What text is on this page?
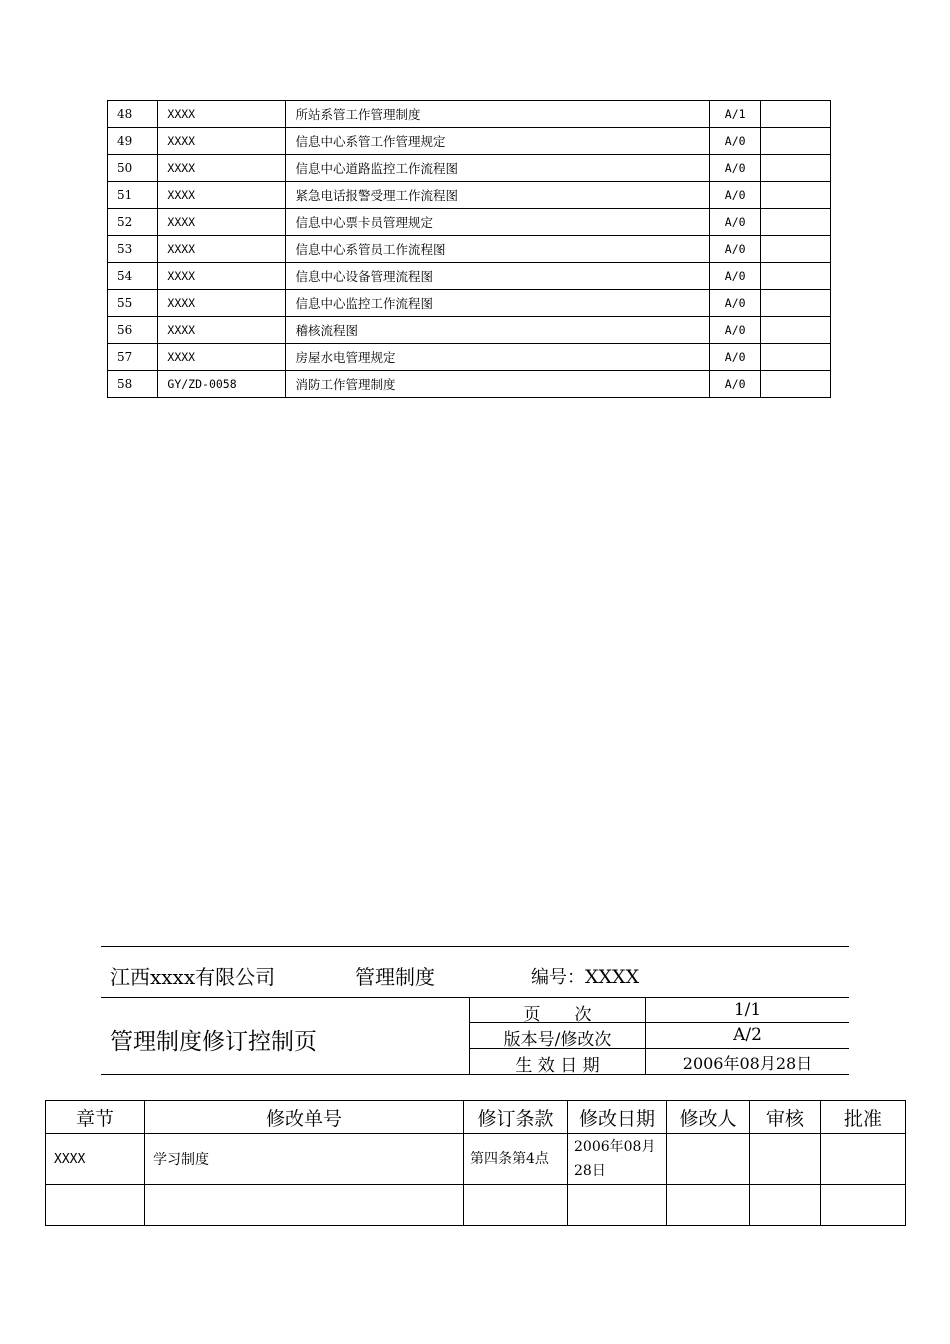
48	XXXX	所站系管工作管理制度	A/1	
49	XXXX	信息中心系管工作管理规定	A/0	
50	XXXX	信息中心道路监控工作流程图	A/0	
51	XXXX	紧急电话报警受理工作流程图	A/0	
52	XXXX	信息中心票卡员管理规定	A/0	
53	XXXX	信息中心系管员工作流程图	A/0	
54	XXXX	信息中心设备管理流程图	A/0	
55	XXXX	信息中心监控工作流程图	A/0	
56	XXXX	稽核流程图	A/0	
57	XXXX	房屋水电管理规定	A/0	
58	GY/ZD-0058	消防工作管理制度	A/0	
江西xxxx有限公司	管理制度	编号：XXXX
管理制度修订控制页
页　　次	1/1
版本号/修改次	A/2
生 效 日 期	2006年08月28日
章节	修改单号	修订条款	修改日期	修改人	审核	批准
XXXX	学习制度	第四条第4点	2006年08月28日			
